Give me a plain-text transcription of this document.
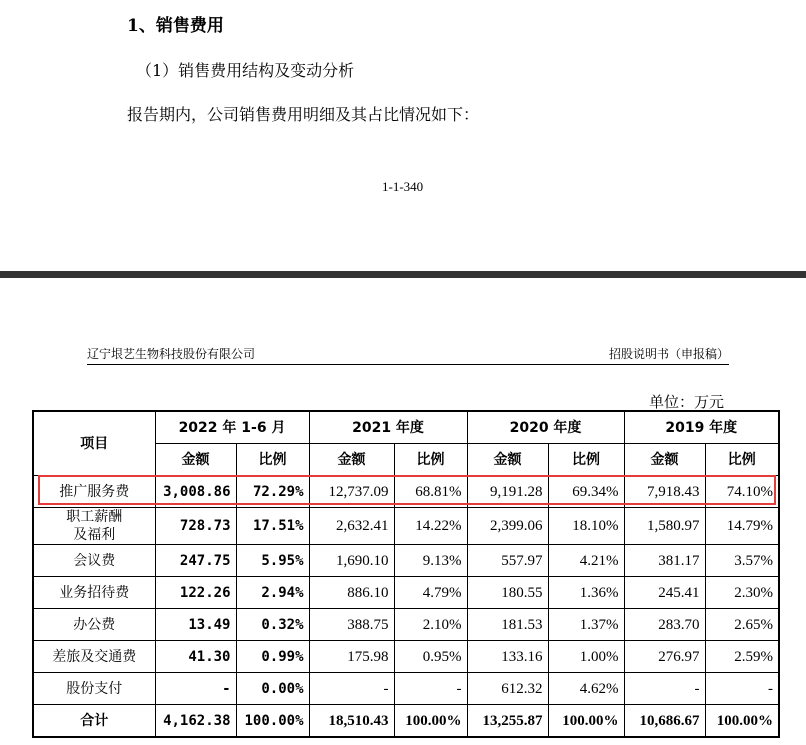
1、销售费用
（1）销售费用结构及变动分析
报告期内，公司销售费用明细及其占比情况如下：
1-1-340
辽宁垠艺生物科技股份有限公司	招股说明书（申报稿）
单位：万元
项目	2022 年 1-6 月		2021 年度		2020 年度		2019 年度	
	金额	比例	金额	比例	金额	比例	金额	比例
推广服务费	3,008.86	72.29%	12,737.09	68.81%	9,191.28	69.34%	7,918.43	74.10%
职工薪酬
及福利	728.73	17.51%	2,632.41	14.22%	2,399.06	18.10%	1,580.97	14.79%
会议费	247.75	5.95%	1,690.10	9.13%	557.97	4.21%	381.17	3.57%
业务招待费	122.26	2.94%	886.10	4.79%	180.55	1.36%	245.41	2.30%
办公费	13.49	0.32%	388.75	2.10%	181.53	1.37%	283.70	2.65%
差旅及交通费	41.30	0.99%	175.98	0.95%	133.16	1.00%	276.97	2.59%
股份支付	-	0.00%	-	-	612.32	4.62%	-	-
合计	4,162.38	100.00%	18,510.43	100.00%	13,255.87	100.00%	10,686.67	100.00%
